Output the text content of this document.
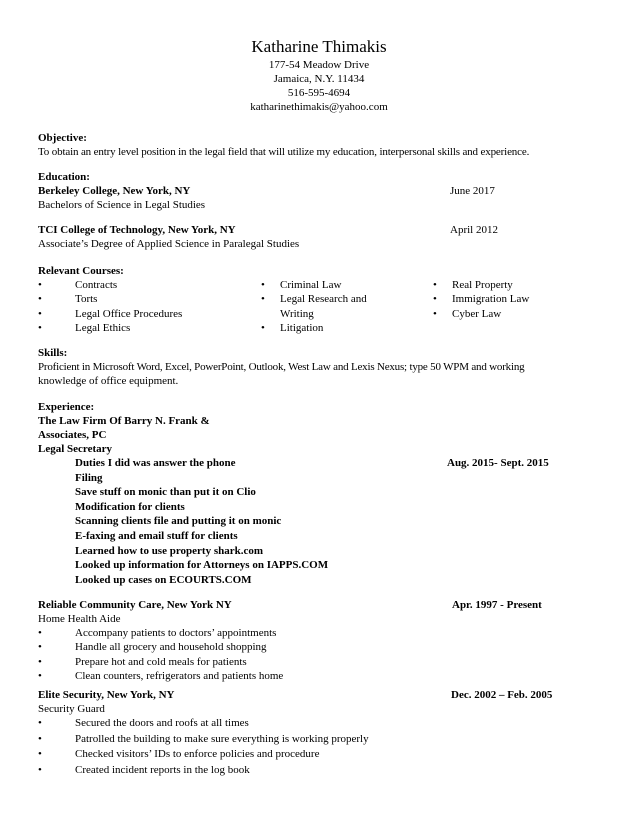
Katharine Thimakis
177-54 Meadow Drive
Jamaica, N.Y. 11434
516-595-4694
katharinethimakis@yahoo.com
Objective:
To obtain an entry level position in the legal field that will utilize my education, interpersonal skills and experience.
Education:
Berkeley College, New York, NY	June 2017
Bachelors of Science in Legal Studies
TCI College of Technology, New York, NY	April 2012
Associate’s Degree of Applied Science in Paralegal Studies
Relevant Courses:
•	Contracts
•	Torts
•	Legal Office Procedures
•	Legal Ethics
•	Criminal Law
•	Legal Research and
Writing
•	Litigation
•	Real Property
•	Immigration Law
•	Cyber Law
Skills:
Proficient in Microsoft Word, Excel, PowerPoint, Outlook, West Law and Lexis Nexus; type 50 WPM and working
knowledge of office equipment.
Experience:
The Law Firm Of Barry N. Frank &
Associates, PC
Legal Secretary
Aug. 2015- Sept. 2015
Duties I did was answer the phone
Filing
Save stuff on monic than put it on Clio
Modification for clients
Scanning clients file and putting it on monic
E-faxing and email stuff for clients
Learned how to use property shark.com
Looked up information for Attorneys on IAPPS.COM
Looked up cases on ECOURTS.COM
Reliable Community Care, New York NY	Apr. 1997 - Present
Home Health Aide
•	Accompany patients to doctors’ appointments
•	Handle all grocery and household shopping
•	Prepare hot and cold meals for patients
•	Clean counters, refrigerators and patients home
Elite Security, New York, NY	Dec. 2002 – Feb. 2005
Security Guard
•	Secured the doors and roofs at all times
•	Patrolled the building to make sure everything is working properly
•	Checked visitors’ IDs to enforce policies and procedure
•	Created incident reports in the log book
